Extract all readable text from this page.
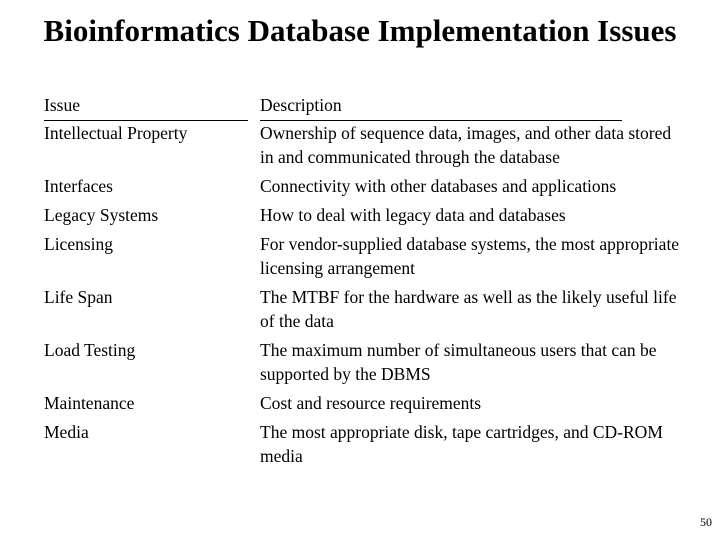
Bioinformatics Database Implementation Issues
Issue	Description
Intellectual Property	Ownership of sequence data, images, and other data stored in and communicated through the database
Interfaces	Connectivity with other databases and applications
Legacy Systems	How to deal with legacy data and databases
Licensing	For vendor-supplied database systems, the most appropriate licensing arrangement
Life Span	The MTBF for the hardware as well as the likely useful life of the data
Load Testing	The maximum number of simultaneous users that can be supported by the DBMS
Maintenance	Cost and resource requirements
Media	The most appropriate disk, tape cartridges, and CD-ROM media
50
